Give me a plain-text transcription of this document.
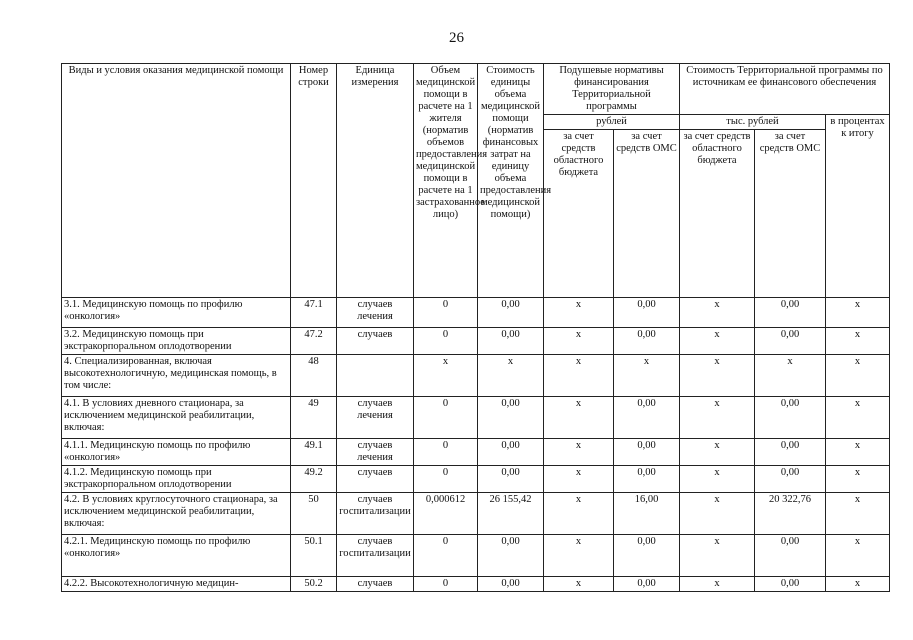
26
Виды и условия оказания медицинской помощи	Номер строки	Единица измерения	Объем медицинской помощи в расчете на 1 жителя (норматив объемов предоставления медицинской помощи в расчете на 1 застрахованное лицо)	Стоимость единицы объема медицинской помощи (норматив финансовых затрат на единицу объема предоставления медицинской помощи)	Подушевые нормативы финансирования Территориальной программы		Стоимость Территориальной программы по источникам ее финансового обеспечения		
					рублей		тыс. рублей		в процентах к итогу
					за счет средств областного бюджета	за счет средств ОМС	за счет средств областного бюджета	за счет средств ОМС	

3.1. Медицинскую помощь по профилю «онкология»	47.1	случаев лечения	0	0,00	x	0,00	x	0,00	x
3.2. Медицинскую помощь при экстракорпоральном оплодотворении	47.2	случаев	0	0,00	x	0,00	x	0,00	x
4. Специализированная, включая высокотехнологичную, медицинская помощь, в том числе:	48		x	x	x	x	x	x	x
4.1. В условиях дневного стационара, за исключением медицинской реабилитации, включая:	49	случаев лечения	0	0,00	x	0,00	x	0,00	x
4.1.1. Медицинскую помощь по профилю «онкология»	49.1	случаев лечения	0	0,00	x	0,00	x	0,00	x
4.1.2. Медицинскую помощь при экстракорпоральном оплодотворении	49.2	случаев	0	0,00	x	0,00	x	0,00	x
4.2. В условиях круглосуточного стационара, за исключением медицинской реабилитации, включая:	50	случаев госпитализации	0,000612	26 155,42	x	16,00	x	20 322,76	x
4.2.1. Медицинскую помощь по профилю «онкология»	50.1	случаев госпитализации	0	0,00	x	0,00	x	0,00	x
4.2.2. Высокотехнологичную медицин-	50.2	случаев	0	0,00	x	0,00	x	0,00	x
